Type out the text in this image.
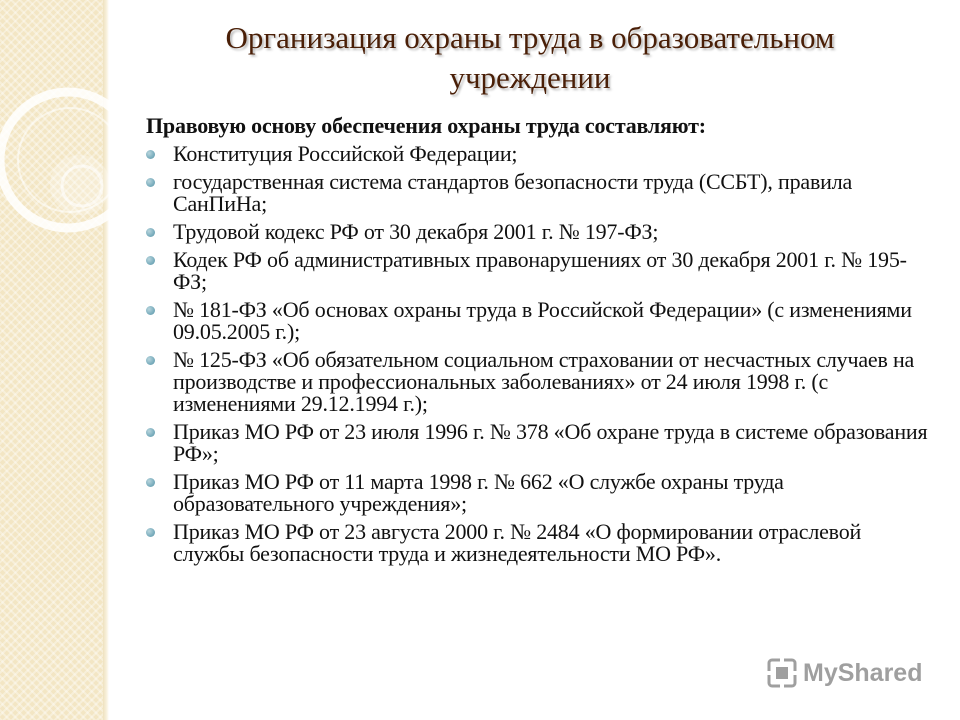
Организация охраны труда в образовательном учреждении

Правовую основу обеспечения охраны труда составляют:

Конституция Российской Федерации;
государственная система стандартов безопасности труда (ССБТ), правила СанПиНа;
Трудовой кодекс РФ от 30 декабря 2001 г. № 197-ФЗ;
Кодек РФ об административных правонарушениях от 30 декабря 2001 г. № 195-ФЗ;
№ 181-ФЗ «Об основах охраны труда в Российской Федерации» (с изменениями 09.05.2005 г.);
№ 125-ФЗ «Об обязательном социальном страховании от несчастных случаев на производстве и профессиональных заболеваниях» от 24 июля 1998 г. (с изменениями 29.12.1994 г.);
Приказ МО РФ от 23 июля 1996 г. № 378 «Об охране труда в системе образования РФ»;
Приказ МО РФ от 11 марта 1998 г. № 662 «О службе охраны труда образовательного учреждения»;
Приказ МО РФ от 23 августа 2000 г. № 2484 «О формировании отраслевой службы безопасности труда и жизнедеятельности МО РФ».
MyShared
